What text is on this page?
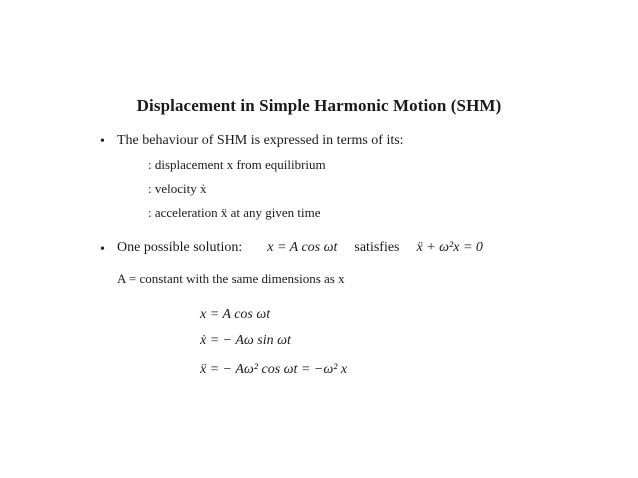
Displacement in Simple Harmonic Motion (SHM)
• The behaviour of SHM is expressed in terms of its:
: displacement x from equilibrium
: velocity ẋ
: acceleration ẍ at any given time
• One possible solution: x = A cos ωt satisfies ẍ + ω²x = 0
A = constant with the same dimensions as x
x = A cos ωt
ẋ = − Aω sin ωt
ẍ = − Aω² cos ωt = −ω² x
